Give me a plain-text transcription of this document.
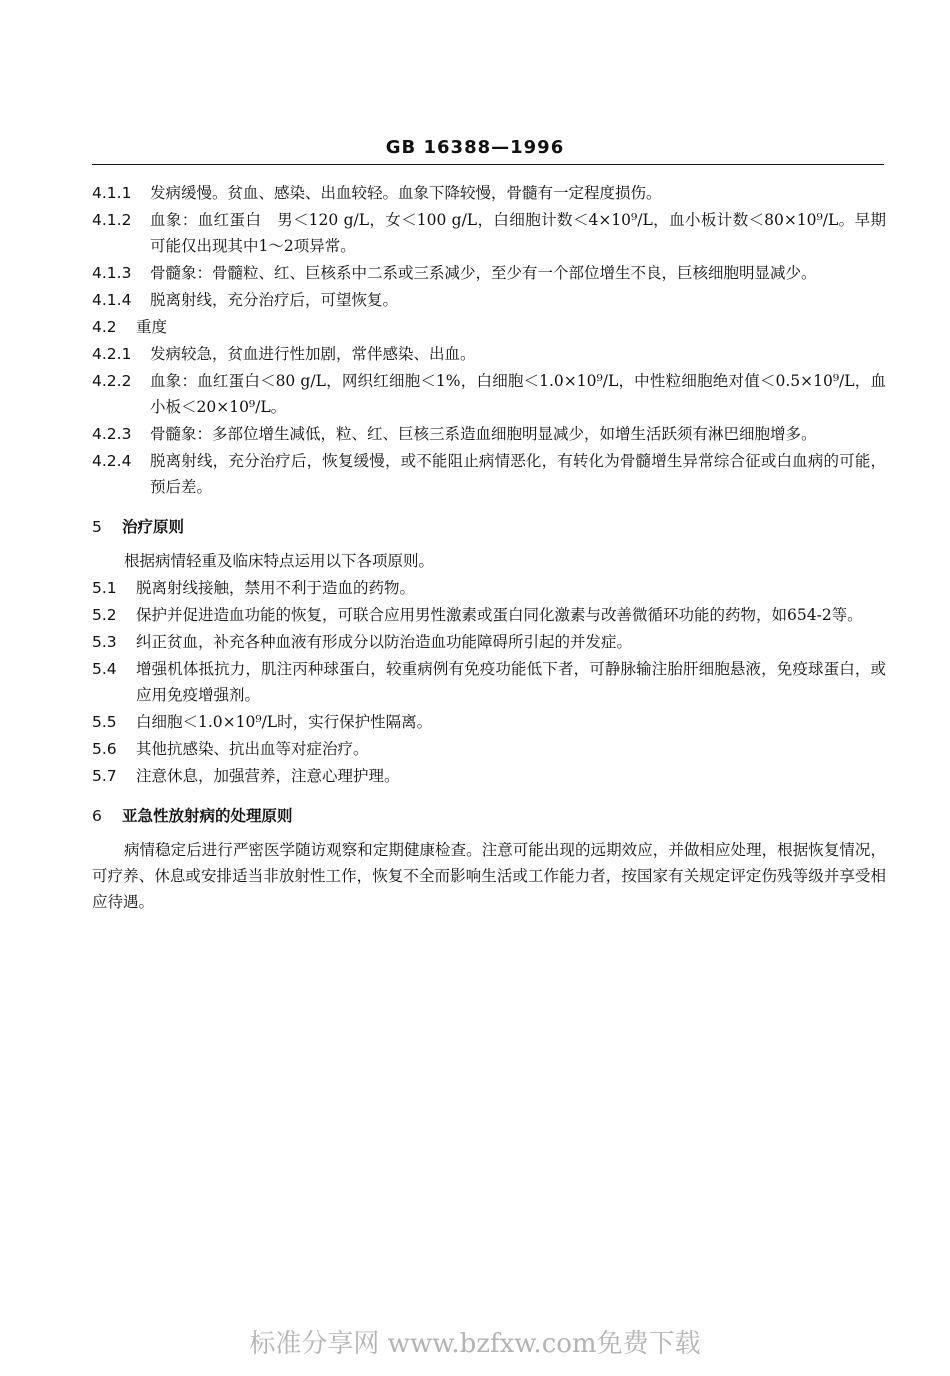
GB 16388—1996
4.1.1	发病缓慢。贫血、感染、出血较轻。血象下降较慢，骨髓有一定程度损伤。
4.1.2	血象：血红蛋白　男＜120 g/L，女＜100 g/L，白细胞计数＜4×10⁹/L，血小板计数＜80×10⁹/L。早期可能仅出现其中1～2项异常。
4.1.3	骨髓象：骨髓粒、红、巨核系中二系或三系减少，至少有一个部位增生不良，巨核细胞明显减少。
4.1.4	脱离射线，充分治疗后，可望恢复。
4.2	重度
4.2.1	发病较急，贫血进行性加剧，常伴感染、出血。
4.2.2	血象：血红蛋白＜80 g/L，网织红细胞＜1%，白细胞＜1.0×10⁹/L，中性粒细胞绝对值＜0.5×10⁹/L，血小板＜20×10⁹/L。
4.2.3	骨髓象：多部位增生减低，粒、红、巨核三系造血细胞明显减少，如增生活跃须有淋巴细胞增多。
4.2.4	脱离射线，充分治疗后，恢复缓慢，或不能阻止病情恶化，有转化为骨髓增生异常综合征或白血病的可能，预后差。
5	治疗原则
根据病情轻重及临床特点运用以下各项原则。
5.1	脱离射线接触，禁用不利于造血的药物。
5.2	保护并促进造血功能的恢复，可联合应用男性激素或蛋白同化激素与改善微循环功能的药物，如654-2等。
5.3	纠正贫血，补充各种血液有形成分以防治造血功能障碍所引起的并发症。
5.4	增强机体抵抗力，肌注丙种球蛋白，较重病例有免疫功能低下者，可静脉输注胎肝细胞悬液，免疫球蛋白，或应用免疫增强剂。
5.5	白细胞＜1.0×10⁹/L时，实行保护性隔离。
5.6	其他抗感染、抗出血等对症治疗。
5.7	注意休息，加强营养，注意心理护理。
6	亚急性放射病的处理原则
病情稳定后进行严密医学随访观察和定期健康检查。注意可能出现的远期效应，并做相应处理，根据恢复情况，可疗养、休息或安排适当非放射性工作，恢复不全而影响生活或工作能力者，按国家有关规定评定伤残等级并享受相应待遇。
标准分享网 www.bzfxw.com免费下载
